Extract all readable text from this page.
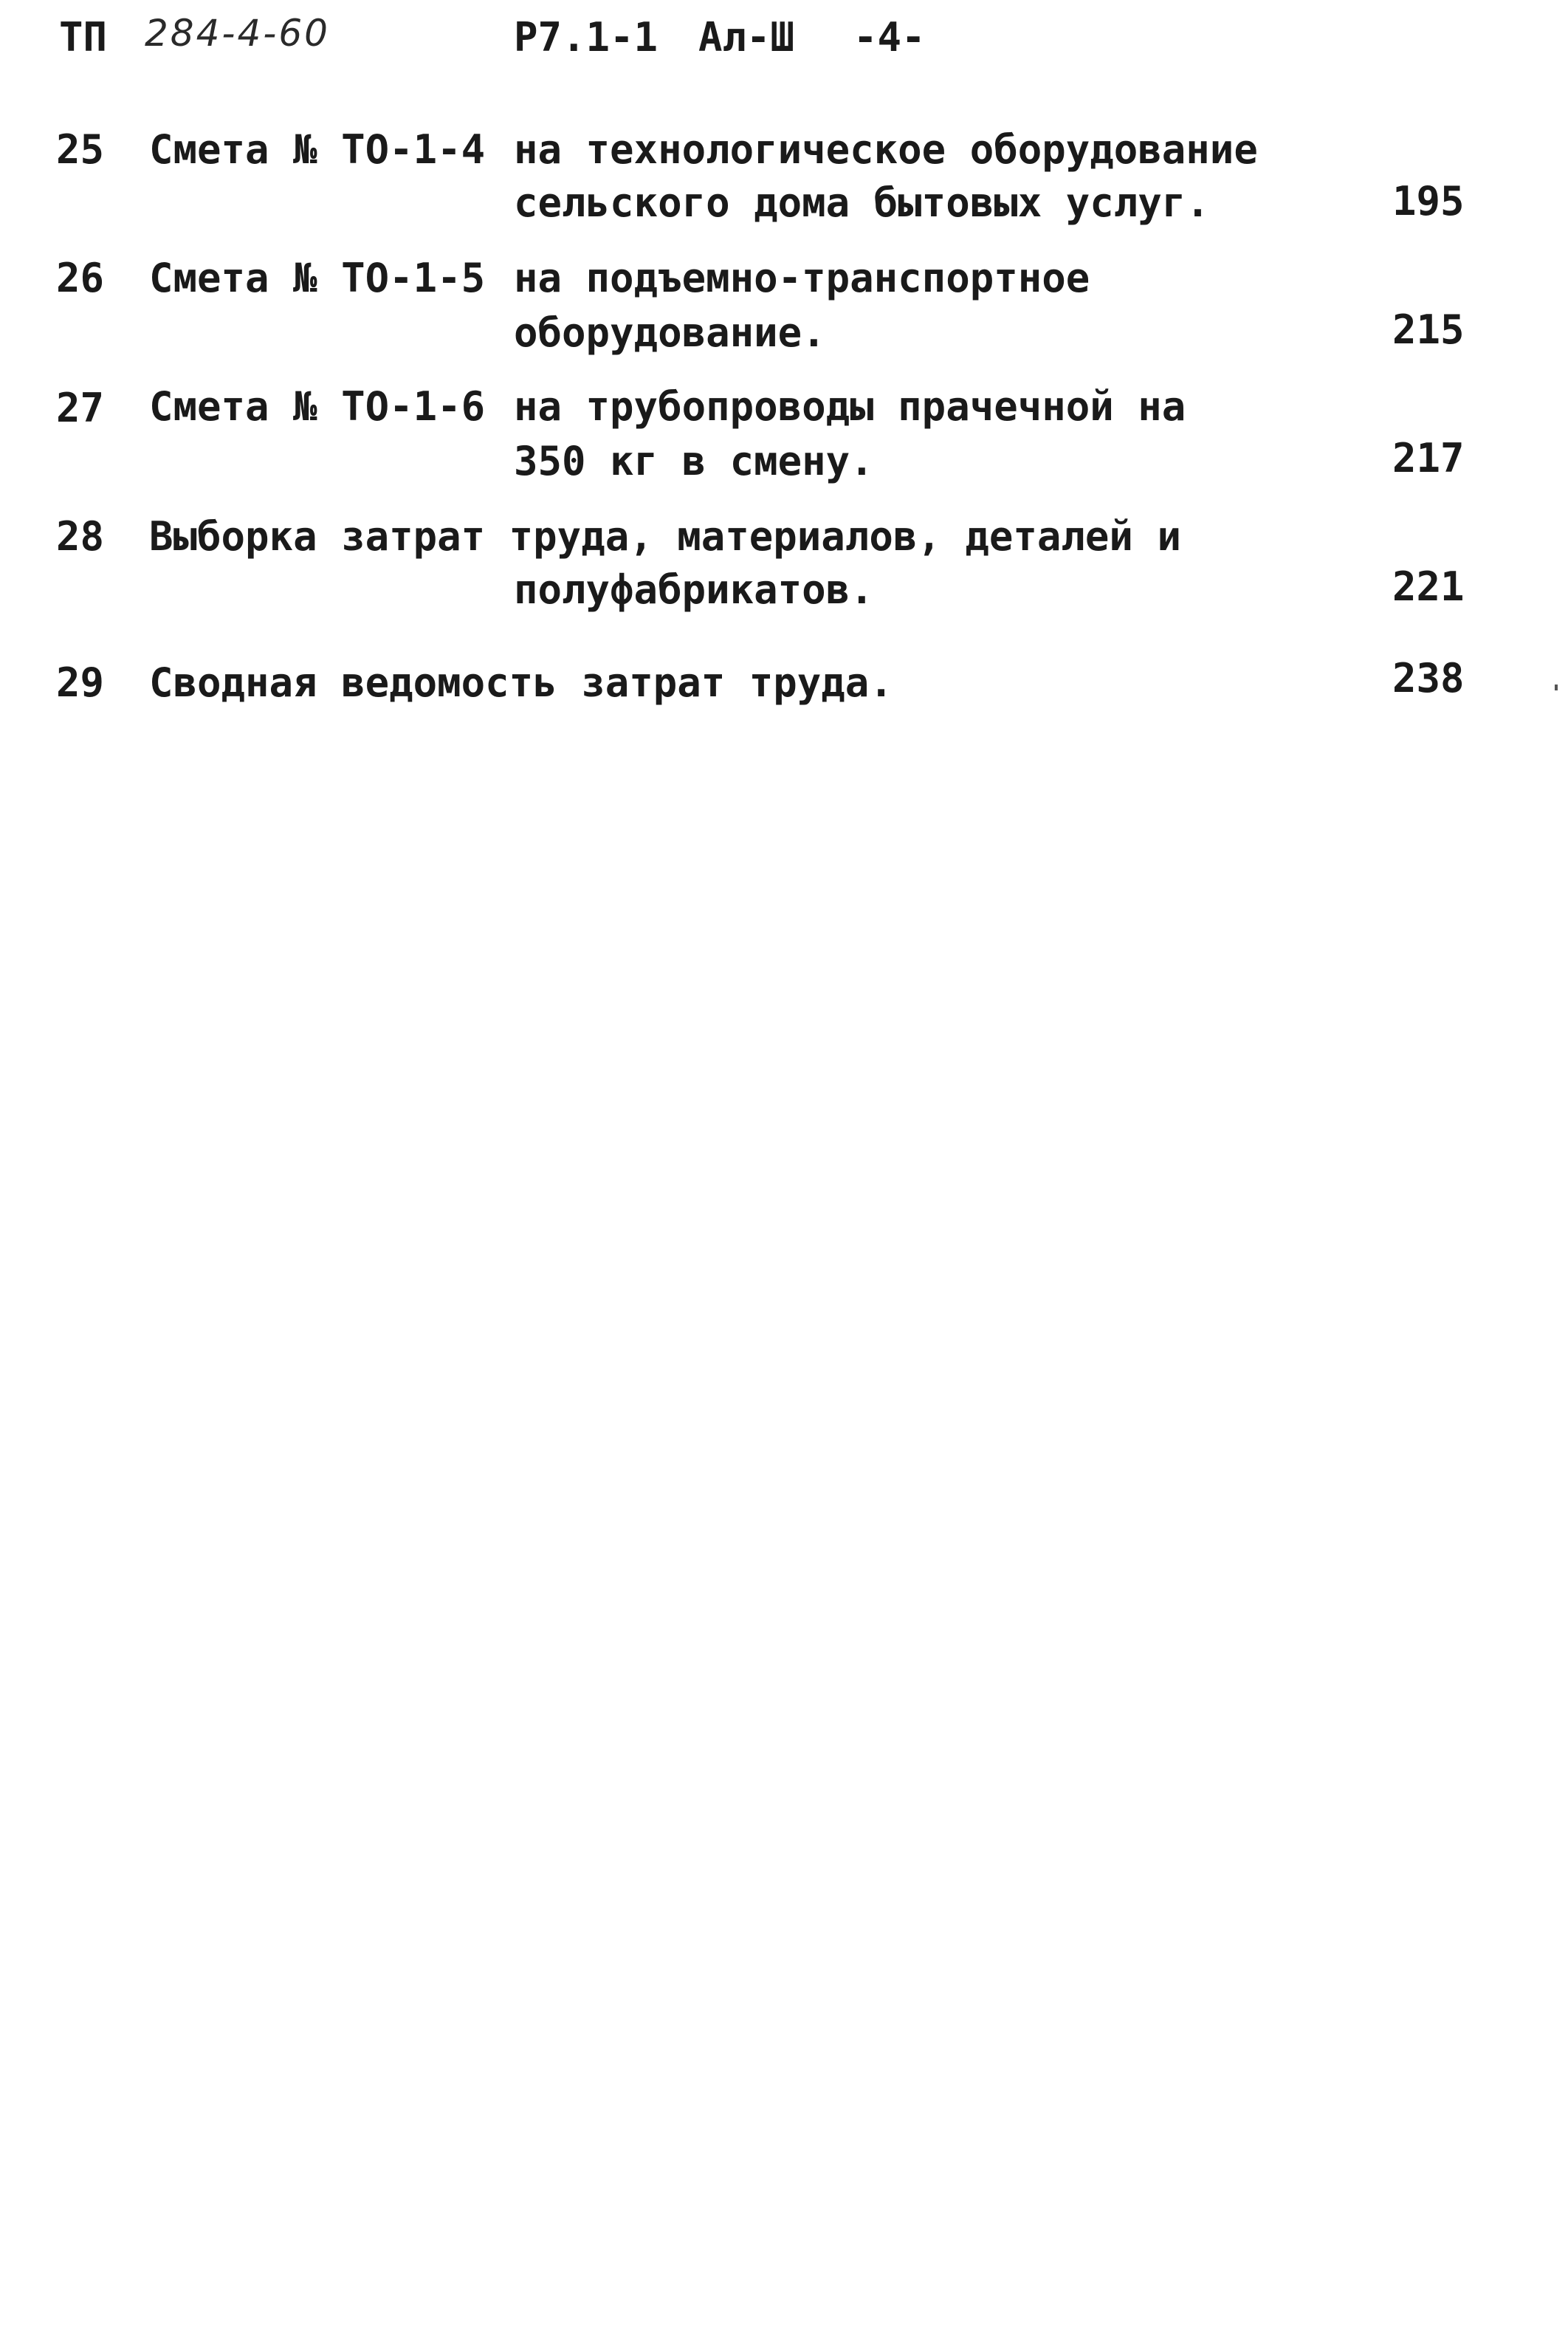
ТП 284-4-60	Р7.1-1 Ал-Ш -4-
25 Смета № ТО-1-4 на технологическое оборудование
сельского дома бытовых услуг.	195
26 Смета № ТО-1-5 на подъемно-транспортное
оборудование.	215
27 Смета № ТО-1-6 на трубопроводы прачечной на
350 кг в смену.	217
28 Выборка затрат труда, материалов, деталей и
полуфабрикатов.	221
29 Сводная ведомость затрат труда.	238
